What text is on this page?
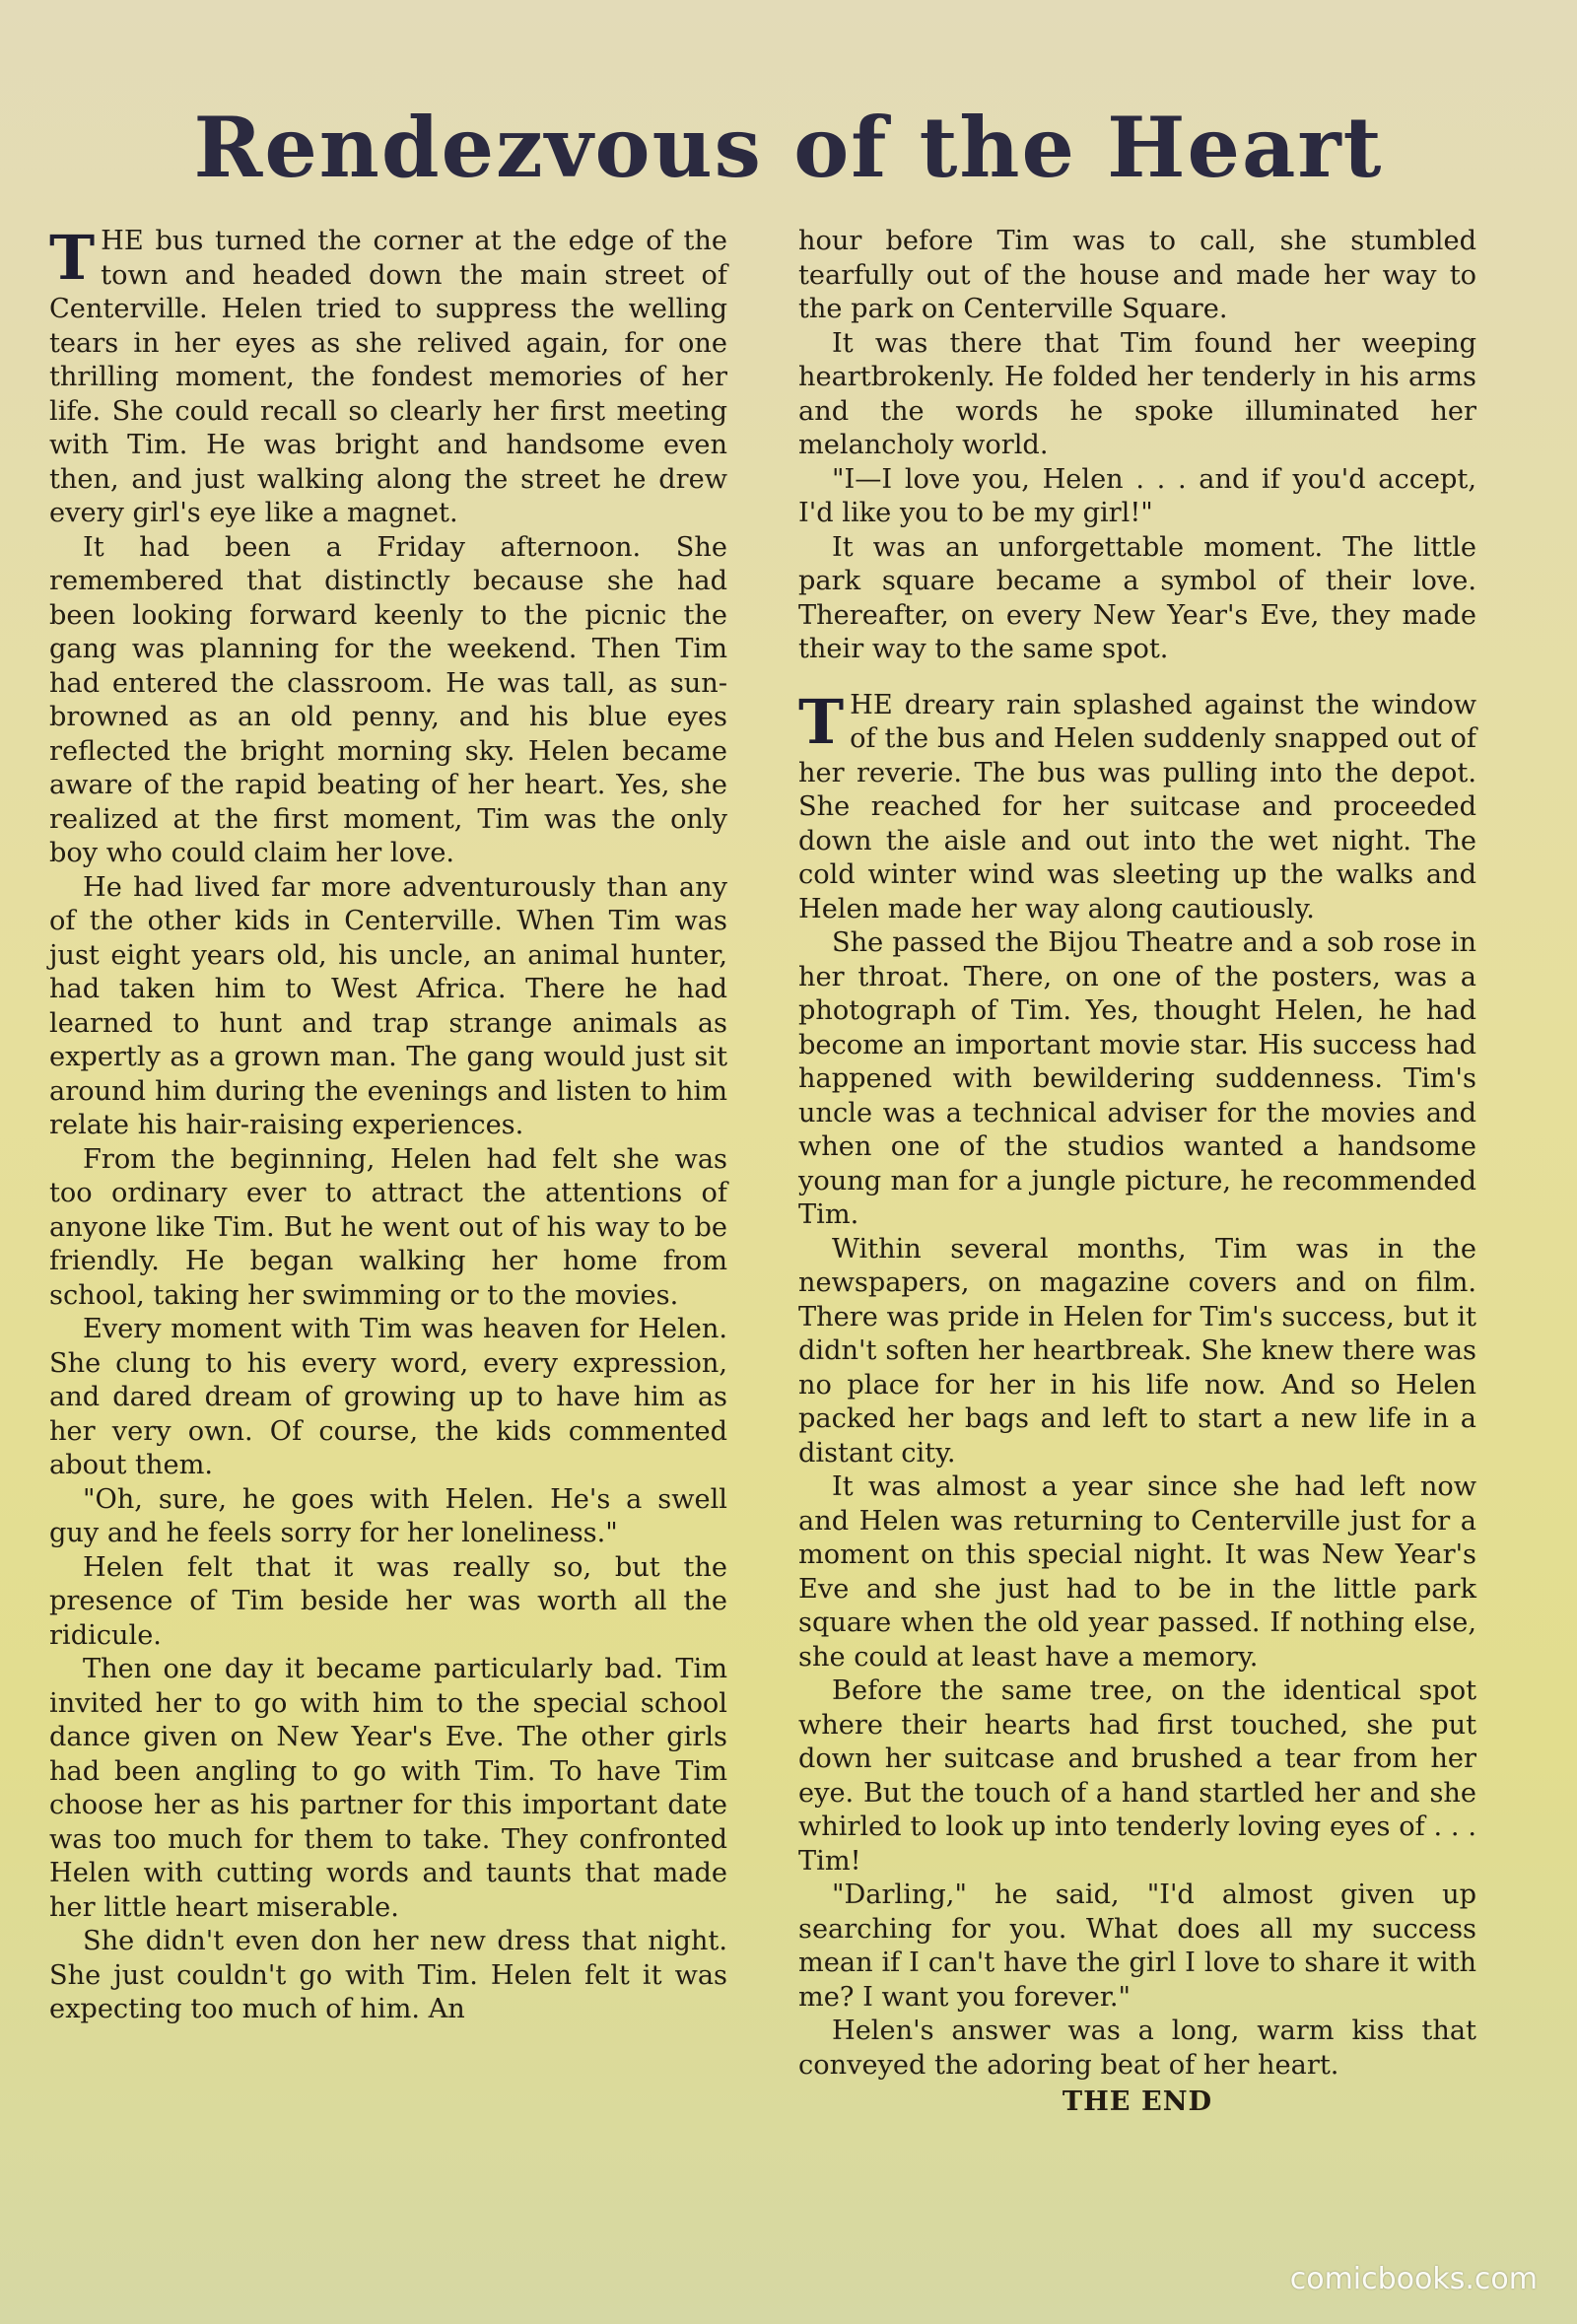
Rendezvous of the Heart

THE bus turned the corner at the edge of the town and headed down the main street of Centerville. Helen tried to suppress the welling tears in her eyes as she relived again, for one thrilling moment, the fondest memories of her life. She could recall so clearly her first meeting with Tim. He was bright and handsome even then, and just walking along the street he drew every girl's eye like a magnet.

It had been a Friday afternoon. She remembered that distinctly because she had been looking forward keenly to the picnic the gang was planning for the weekend. Then Tim had entered the classroom. He was tall, as sun-browned as an old penny, and his blue eyes reflected the bright morning sky. Helen became aware of the rapid beating of her heart. Yes, she realized at the first moment, Tim was the only boy who could claim her love.

He had lived far more adventurously than any of the other kids in Centerville. When Tim was just eight years old, his uncle, an animal hunter, had taken him to West Africa. There he had learned to hunt and trap strange animals as expertly as a grown man. The gang would just sit around him during the evenings and listen to him relate his hair-raising experiences.

From the beginning, Helen had felt she was too ordinary ever to attract the attentions of anyone like Tim. But he went out of his way to be friendly. He began walking her home from school, taking her swimming or to the movies.

Every moment with Tim was heaven for Helen. She clung to his every word, every expression, and dared dream of growing up to have him as her very own. Of course, the kids commented about them.

"Oh, sure, he goes with Helen. He's a swell guy and he feels sorry for her loneliness."

Helen felt that it was really so, but the presence of Tim beside her was worth all the ridicule.

Then one day it became particularly bad. Tim invited her to go with him to the special school dance given on New Year's Eve. The other girls had been angling to go with Tim. To have Tim choose her as his partner for this important date was too much for them to take. They confronted Helen with cutting words and taunts that made her little heart miserable.

She didn't even don her new dress that night. She just couldn't go with Tim. Helen felt it was expecting too much of him. An

hour before Tim was to call, she stumbled tearfully out of the house and made her way to the park on Centerville Square.

It was there that Tim found her weeping heartbrokenly. He folded her tenderly in his arms and the words he spoke illuminated her melancholy world.

"I—I love you, Helen . . . and if you'd accept, I'd like you to be my girl!"

It was an unforgettable moment. The little park square became a symbol of their love. Thereafter, on every New Year's Eve, they made their way to the same spot.

THE dreary rain splashed against the window of the bus and Helen suddenly snapped out of her reverie. The bus was pulling into the depot. She reached for her suitcase and proceeded down the aisle and out into the wet night. The cold winter wind was sleeting up the walks and Helen made her way along cautiously.

She passed the Bijou Theatre and a sob rose in her throat. There, on one of the posters, was a photograph of Tim. Yes, thought Helen, he had become an important movie star. His success had happened with bewildering suddenness. Tim's uncle was a technical adviser for the movies and when one of the studios wanted a handsome young man for a jungle picture, he recommended Tim.

Within several months, Tim was in the newspapers, on magazine covers and on film. There was pride in Helen for Tim's success, but it didn't soften her heartbreak. She knew there was no place for her in his life now. And so Helen packed her bags and left to start a new life in a distant city.

It was almost a year since she had left now and Helen was returning to Centerville just for a moment on this special night. It was New Year's Eve and she just had to be in the little park square when the old year passed. If nothing else, she could at least have a memory.

Before the same tree, on the identical spot where their hearts had first touched, she put down her suitcase and brushed a tear from her eye. But the touch of a hand startled her and she whirled to look up into tenderly loving eyes of . . . Tim!

"Darling," he said, "I'd almost given up searching for you. What does all my success mean if I can't have the girl I love to share it with me? I want you forever."

Helen's answer was a long, warm kiss that conveyed the adoring beat of her heart.

THE END

comicbooks.com
